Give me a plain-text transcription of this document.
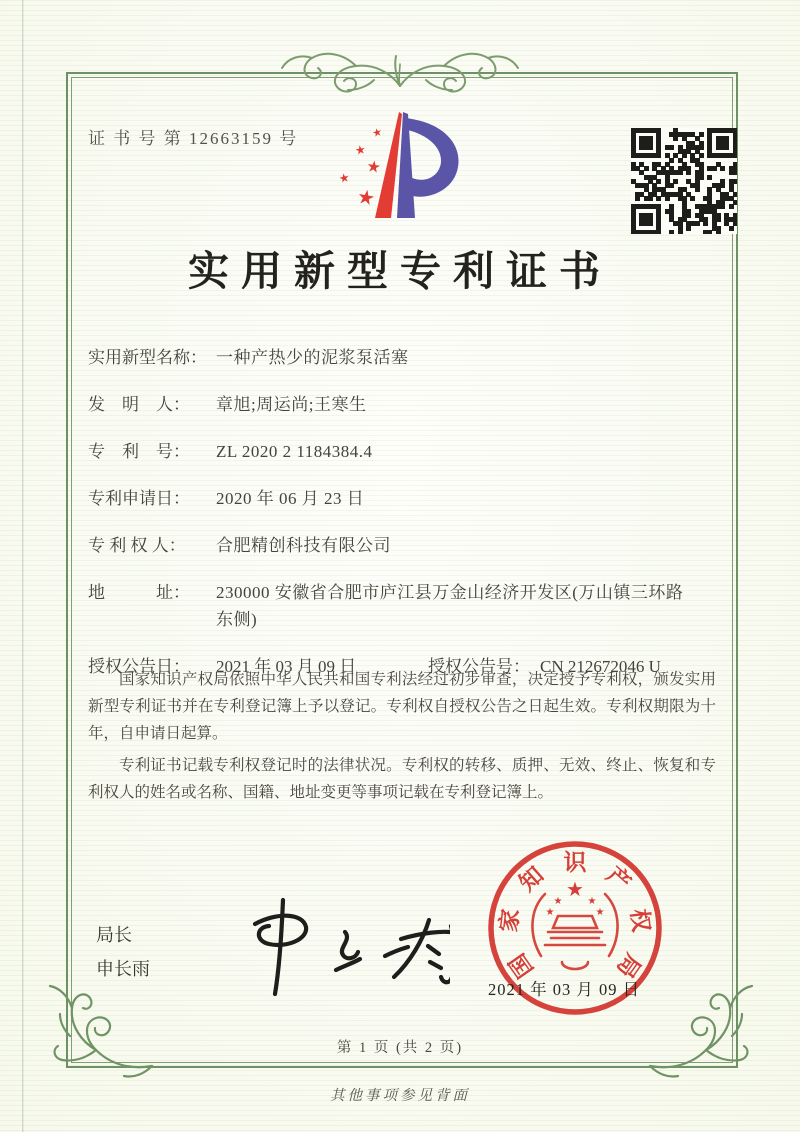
证 书 号 第 12663159 号	★
★
★
★
★
实用新型专利证书
实用新型名称： 一种产热少的泥浆泵活塞
发　明　人：	章旭;周运尚;王寒生
专　利　号：	ZL 2020 2 1184384.4
专利申请日：	2020 年 06 月 23 日
专 利 权 人：	合肥精创科技有限公司
地　　　址：	230000 安徽省合肥市庐江县万金山经济开发区(万山镇三环路东侧)
授权公告日：	2021 年 03 月 09 日	授权公告号： CN 212672046 U

国家知识产权局依照中华人民共和国专利法经过初步审查，决定授予专利权，颁发实用新型专利证书并在专利登记簿上予以登记。专利权自授权公告之日起生效。专利权期限为十年，自申请日起算。

专利证书记载专利权登记时的法律状况。专利权的转移、质押、无效、终止、恢复和专利权人的姓名或名称、国籍、地址变更等事项记载在专利登记簿上。

局长
申长雨
★
★	★
★	★
国
家
知 识 产
权
局
2021 年 03 月 09 日
第 1 页 (共 2 页)
其他事项参见背面
